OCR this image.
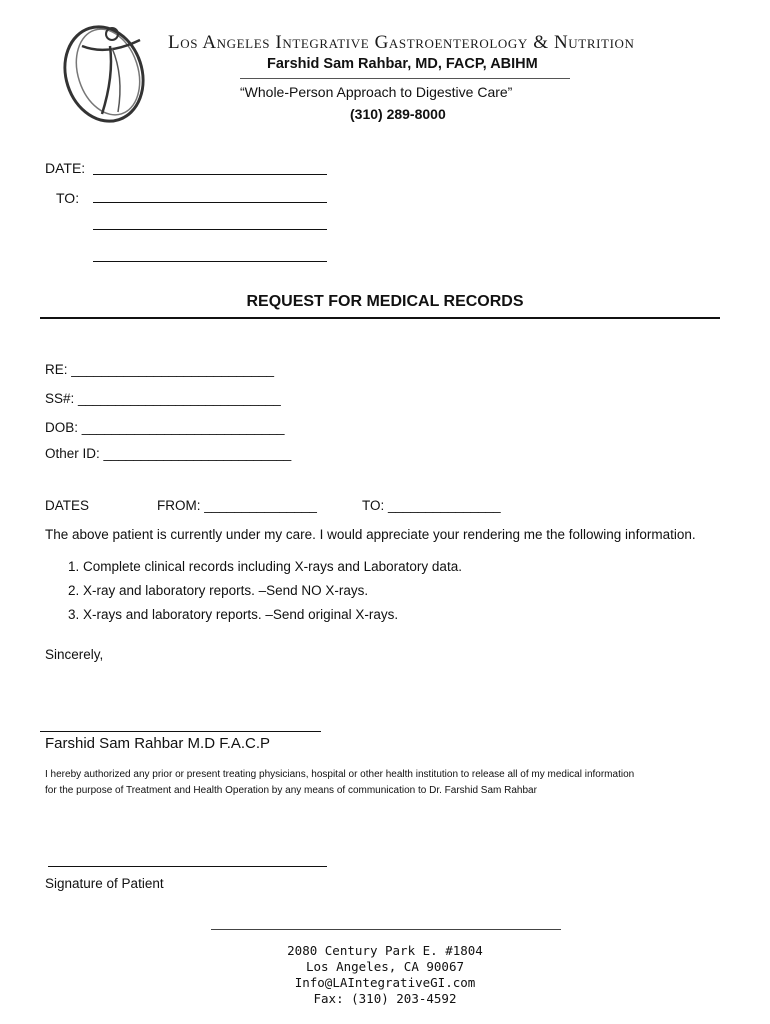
Los Angeles Integrative Gastroenterology & Nutrition
Farshid Sam Rahbar, MD, FACP, ABIHM
“Whole-Person Approach to Digestive Care”
(310) 289-8000
DATE:
TO:
REQUEST FOR MEDICAL RECORDS
RE: ___________________________
SS#: ___________________________
DOB: ___________________________
Other ID: _________________________
DATES	FROM: _______________	TO: _______________
The above patient is currently under my care. I would appreciate your rendering me the following information.
1. Complete clinical records including X-rays and Laboratory data.
2. X-ray and laboratory reports. –Send NO X-rays.
3. X-rays and laboratory reports. –Send original X-rays.
Sincerely,
Farshid Sam Rahbar M.D F.A.C.P
I hereby authorized any prior or present treating physicians, hospital or other health institution to release all of my medical information
for the purpose of Treatment and Health Operation by any means of communication to Dr. Farshid Sam Rahbar
Signature of Patient
2080 Century Park E. #1804
Los Angeles, CA 90067
Info@LAIntegrativeGI.com
Fax: (310) 203-4592
